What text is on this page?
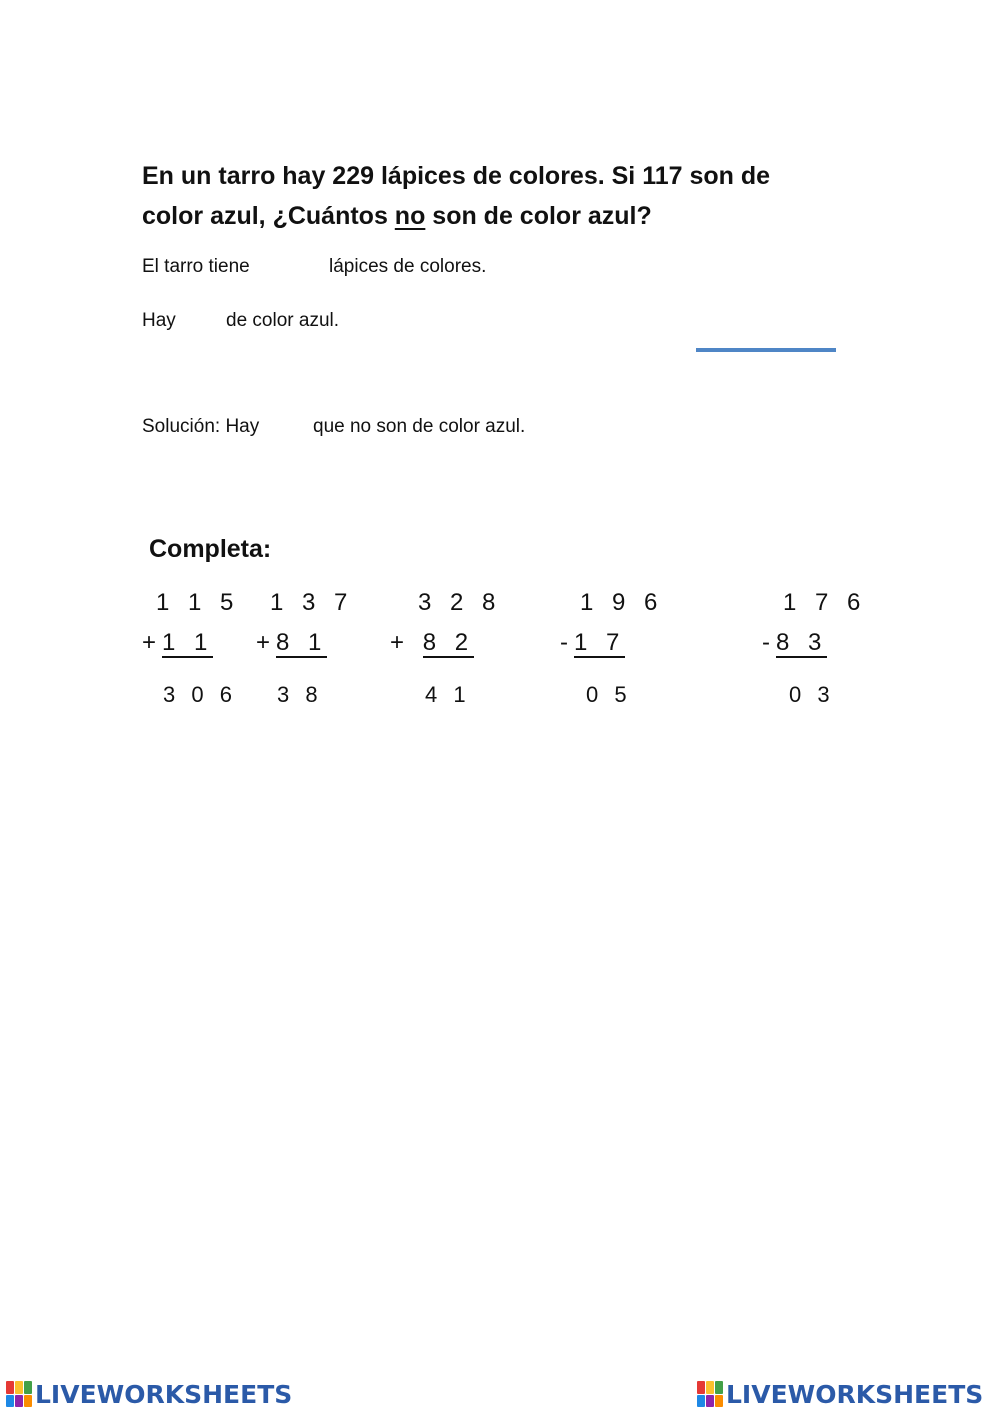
En un tarro hay 229 lápices de colores. Si 117 son de
color azul, ¿Cuántos no son de color azul?
El tarro tiene	lápices de colores.
Hay	de color azul.
Solución: Hay	que no son de color azul.
Completa:
1 1 5
+1 1
3 0 6
1 3 7
+8 1
3 8
3 2 8
+ 8 2
4 1
1 9 6
-1 7
0 5
1 7 6
-8 3
0 3
LIVEWORKSHEETS	LIVEWORKSHEETS
